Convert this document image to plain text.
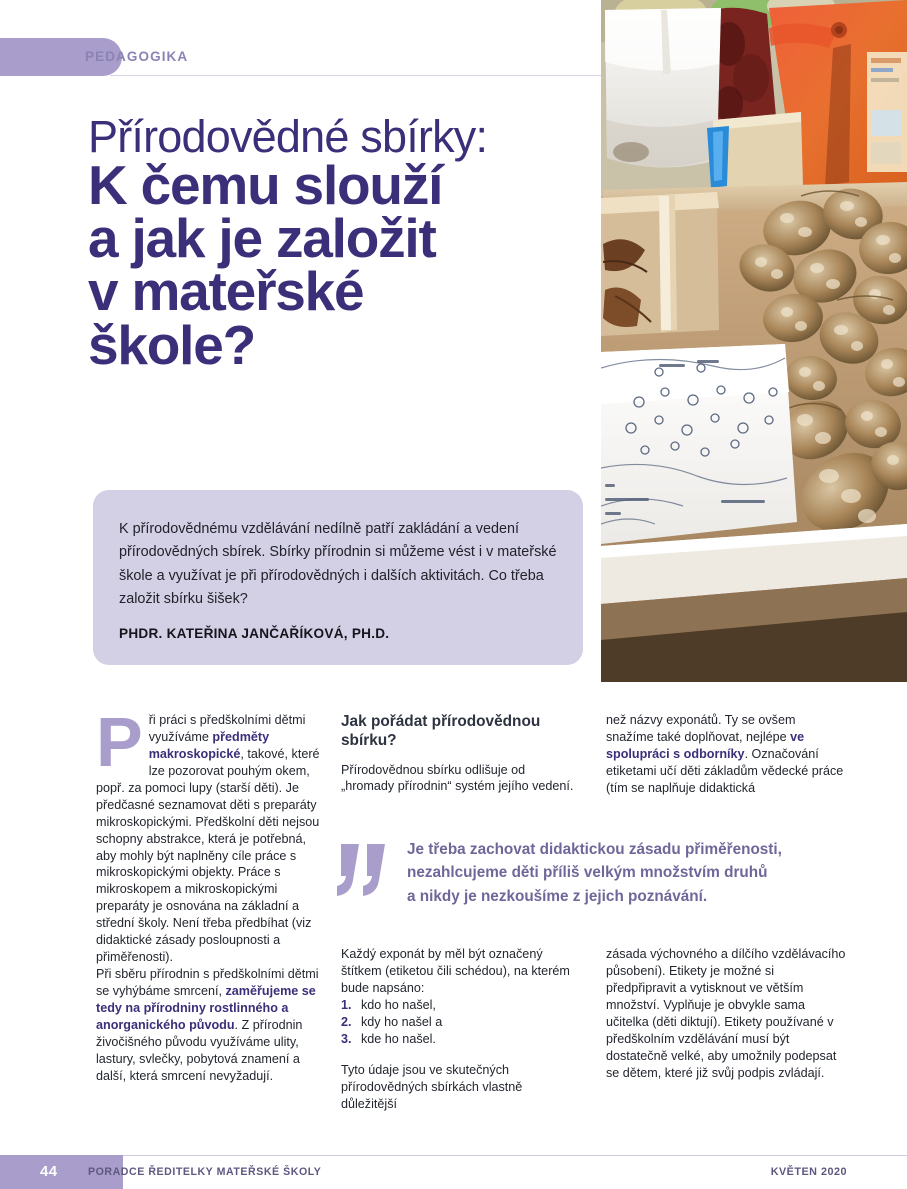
PEDAGOGIKA
Přírodovědné sbírky:
K čemu slouží
a jak je založit
v mateřské
škole?
K přírodovědnému vzdělávání nedílně patří zakládání a vedení přírodovědných sbírek. Sbírky přírodnin si můžeme vést i v mateřské škole a využívat je při přírodovědných i dalších aktivitách. Co třeba založit sbírku šišek?
PHDR. KATEŘINA JANČAŘÍKOVÁ, PH.D.

Při práci s předškolními dětmi využíváme předměty makroskopické, takové, které lze pozorovat pouhým okem, popř. za pomoci lupy (starší děti). Je předčasné seznamovat děti s preparáty mikroskopickými. Předškolní děti nejsou schopny abstrakce, která je potřebná, aby mohly být naplněny cíle práce s mikroskopickými objekty. Práce s mikroskopem a mikroskopickými preparáty je osnována na základní a střední školy. Není třeba předbíhat (viz didaktické zásady posloupnosti a přiměřenosti).

Při sběru přírodnin s předškolními dětmi se vyhýbáme smrcení, zaměřujeme se tedy na přírodniny rostlinného a anorganického původu. Z přírodnin živočišného původu využíváme ulity, lastury, svlečky, pobytová znamení a další, která smrcení nevyžadují.

Jak pořádat přírodovědnou sbírku?

Přírodovědnou sbírku odlišuje od „hromady přírodnin“ systém jejího vedení.

než názvy exponátů. Ty se ovšem snažíme také doplňovat, nejlépe ve spolupráci s odborníky. Označování etiketami učí děti základům vědecké práce (tím se naplňuje didaktická

Je třeba zachovat didaktickou zásadu přiměřenosti,
nezahlcujeme děti příliš velkým množstvím druhů
a nikdy je nezkoušíme z jejich poznávání.

Každý exponát by měl být označený štítkem (etiketou čili schédou), na kterém bude napsáno:

1. kdo ho našel,
2. kdy ho našel a
3. kde ho našel.

Tyto údaje jsou ve skutečných přírodovědných sbírkách vlastně důležitější

zásada výchovného a dílčího vzdělávacího působení). Etikety je možné si předpřipravit a vytisknout ve větším množství. Vyplňuje je obvykle sama učitelka (děti diktují). Etikety používané v předškolním vzdělávání musí být dostatečně velké, aby umožnily podepsat se dětem, které již svůj podpis zvládají.

44	PORADCE ŘEDITELKY MATEŘSKÉ ŠKOLY	KVĚTEN 2020
